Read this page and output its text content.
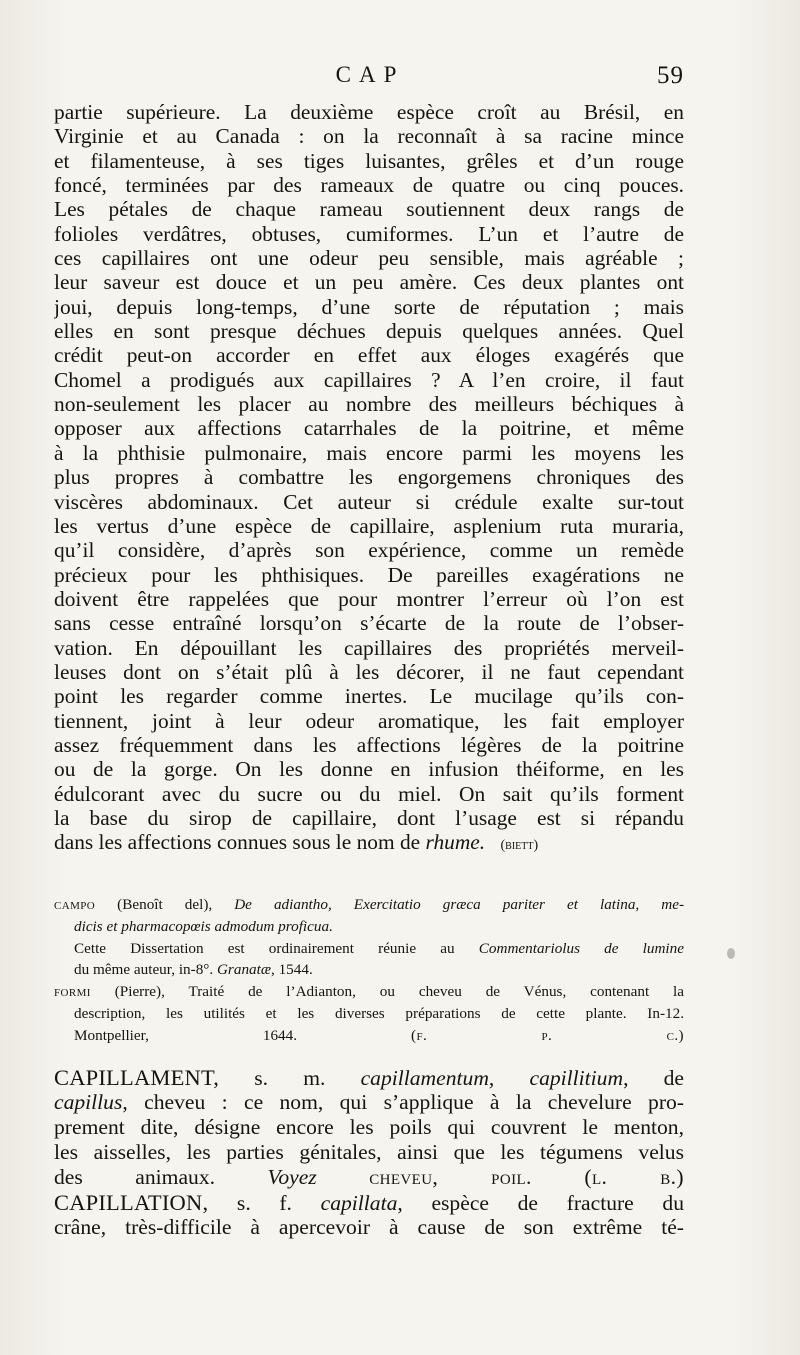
CAP	59
partie supérieure. La deuxième espèce croît au Brésil, en
Virginie et au Canada : on la reconnaît à sa racine mince
et filamenteuse, à ses tiges luisantes, grêles et d’un rouge
foncé, terminées par des rameaux de quatre ou cinq pouces.
Les pétales de chaque rameau soutiennent deux rangs de
folioles verdâtres, obtuses, cumiformes. L’un et l’autre de
ces capillaires ont une odeur peu sensible, mais agréable ;
leur saveur est douce et un peu amère. Ces deux plantes ont
joui, depuis long-temps, d’une sorte de réputation ; mais
elles en sont presque déchues depuis quelques années. Quel
crédit peut-on accorder en effet aux éloges exagérés que
Chomel a prodigués aux capillaires ? A l’en croire, il faut
non-seulement les placer au nombre des meilleurs béchiques à
opposer aux affections catarrhales de la poitrine, et même
à la phthisie pulmonaire, mais encore parmi les moyens les
plus propres à combattre les engorgemens chroniques des
viscères abdominaux. Cet auteur si crédule exalte sur-tout
les vertus d’une espèce de capillaire, asplenium ruta muraria,
qu’il considère, d’après son expérience, comme un remède
précieux pour les phthisiques. De pareilles exagérations ne
doivent être rappelées que pour montrer l’erreur où l’on est
sans cesse entraîné lorsqu’on s’écarte de la route de l’obser-
vation. En dépouillant les capillaires des propriétés merveil-
leuses dont on s’était plû à les décorer, il ne faut cependant
point les regarder comme inertes. Le mucilage qu’ils con-
tiennent, joint à leur odeur aromatique, les fait employer
assez fréquemment dans les affections légères de la poitrine
ou de la gorge. On les donne en infusion théiforme, en les
édulcorant avec du sucre ou du miel. On sait qu’ils forment
la base du sirop de capillaire, dont l’usage est si répandu
dans les affections connues sous le nom de rhume. (biett)
campo (Benoît del), De adiantho, Exercitatio græca pariter et latina, me-
dicis et pharmacopœis admodum proficua.
Cette Dissertation est ordinairement réunie au Commentariolus de lumine
du même auteur, in-8°. Granatæ, 1544.
formi (Pierre), Traité de l’Adianton, ou cheveu de Vénus, contenant la
description, les utilités et les diverses préparations de cette plante. In-12.
Montpellier, 1644.	(f. p. c.)
CAPILLAMENT, s. m. capillamentum, capillitium, de
capillus, cheveu : ce nom, qui s’applique à la chevelure pro-
prement dite, désigne encore les poils qui couvrent le menton,
les aisselles, les parties génitales, ainsi que les tégumens velus
des animaux. Voyez cheveu, poil. (l. b.)
CAPILLATION, s. f. capillata, espèce de fracture du
crâne, très-difficile à apercevoir à cause de son extrême té-
